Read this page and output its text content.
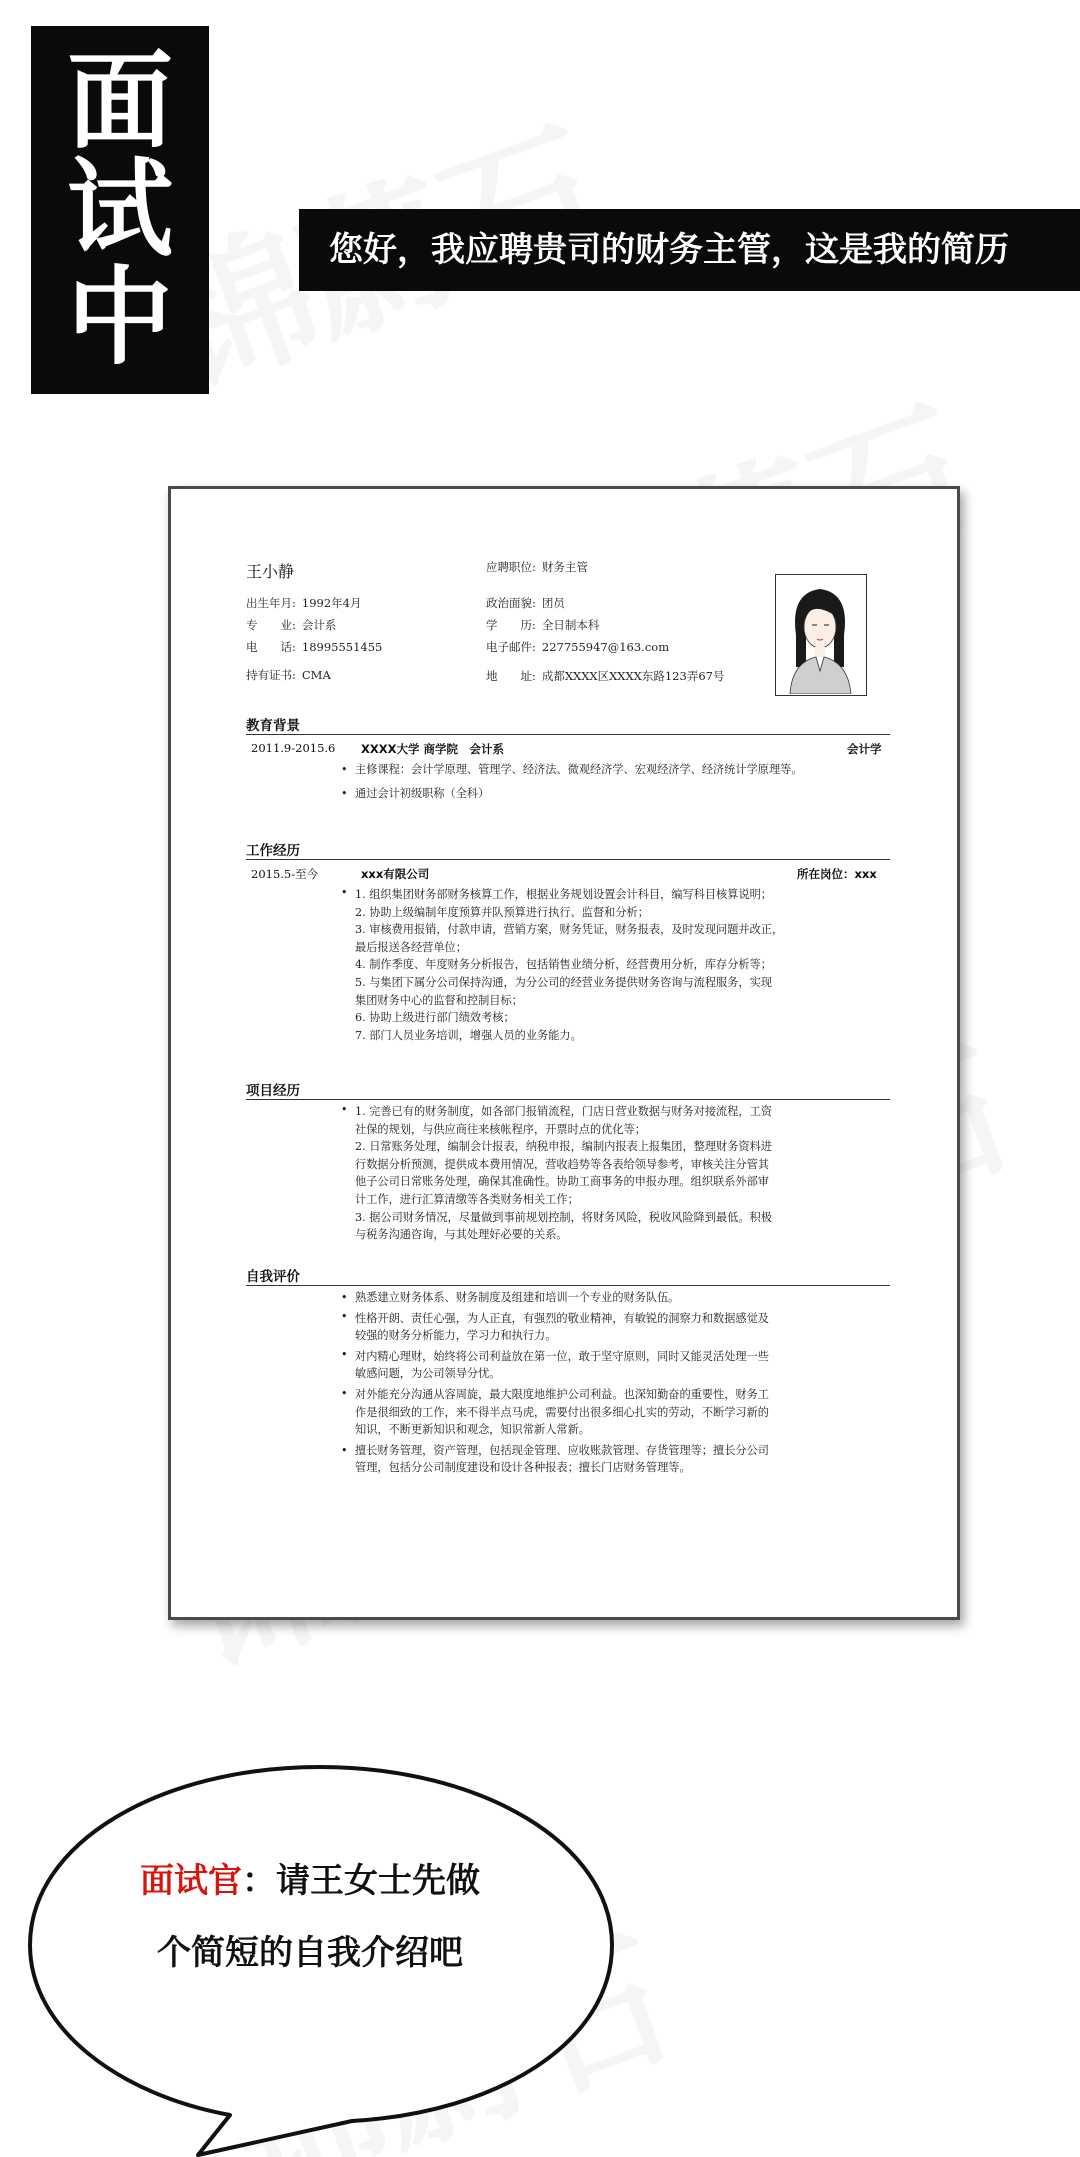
面
试
中
您好，我应聘贵司的财务主管，这是我的简历
王小静
出生年月: 1992年4月
专　　业: 会计系
电　　话: 18995551455
持有证书: CMA
应聘职位: 财务主管
政治面貌: 团员
学　　历: 全日制本科
电子邮件: 227755947@163.com
地　　址: 成都XXXX区XXXX东路123弄67号
教育背景
2011.9-2015.6 XXXX大学 商学院　会计系	会计学
• 主修课程：会计学原理、管理学、经济法、微观经济学、宏观经济学、经济统计学原理等。
• 通过会计初级职称（全科）
工作经历
2015.5-至今	xxx有限公司	所在岗位：xxx
1. 组织集团财务部财务核算工作，根据业务规划设置会计科目，编写科目核算说明；
2. 协助上级编制年度预算并队预算进行执行、监督和分析；
3. 审核费用报销，付款申请，营销方案，财务凭证，财务报表，及时发现问题并改正，
最后报送各经营单位；
4. 制作季度、年度财务分析报告，包括销售业绩分析，经营费用分析，库存分析等；
5. 与集团下属分公司保持沟通，为分公司的经营业务提供财务咨询与流程服务，实现
集团财务中心的监督和控制目标；
6. 协助上级进行部门绩效考核；
7. 部门人员业务培训，增强人员的业务能力。
•
项目经历
1. 完善已有的财务制度，如各部门报销流程，门店日营业数据与财务对接流程，工资
社保的规划，与供应商往来核帐程序，开票时点的优化等；
2. 日常账务处理，编制会计报表，纳税申报，编制内报表上报集团，整理财务资料进
行数据分析预测，提供成本费用情况，营收趋势等各表给领导参考，审核关注分管其
他子公司日常账务处理，确保其准确性。协助工商事务的申报办理。组织联系外部审
计工作，进行汇算清缴等各类财务相关工作；
3. 据公司财务情况，尽量做到事前规划控制，将财务风险，税收风险降到最低。积极
与税务沟通咨询，与其处理好必要的关系。
•
自我评价
熟悉建立财务体系、财务制度及组建和培训一个专业的财务队伍。
性格开朗、责任心强，为人正直，有强烈的敬业精神，有敏锐的洞察力和数据感觉及
较强的财务分析能力，学习力和执行力。
对内精心理财，始终将公司利益放在第一位，敢于坚守原则，同时又能灵活处理一些
敏感问题，为公司领导分忧。
对外能充分沟通从容周旋，最大限度地维护公司利益。也深知勤奋的重要性，财务工
作是很细致的工作，来不得半点马虎，需要付出很多细心扎实的劳动，不断学习新的
知识，不断更新知识和观念，知识常新人常新。
擅长财务管理，资产管理，包括现金管理、应收账款管理、存货管理等；擅长分公司
管理，包括分公司制度建设和设计各种报表；擅长门店财务管理等。
•
•
•
•
•
面试官：请王女士先做
个简短的自我介绍吧
